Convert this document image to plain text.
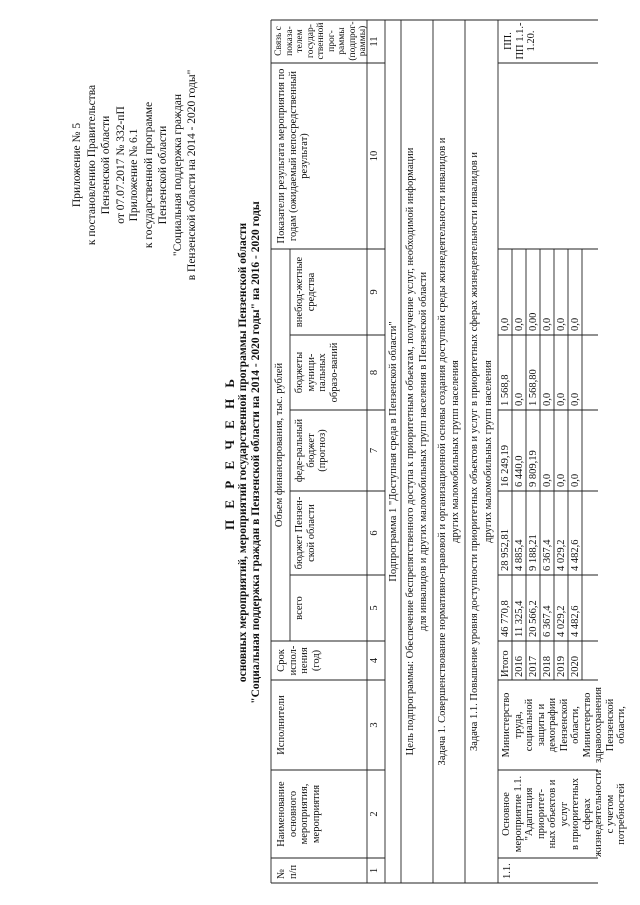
Приложение № 5 к постановлению Правительства Пензенской области от 07.07.2017 № 332-пП Приложение № 6.1 к государственной программе Пензенской области "Социальная поддержка граждан в Пензенской области на 2014 - 2020 годы"

П Е Р Е Ч Е Н Ь основных мероприятий, мероприятий государственной программы Пензенской области "Социальная поддержка граждан в Пензенской области на 2014 - 2020 годы" на 2016 - 2020 годы

№ п/п
Наименование основного мероприятия, мероприятия
Исполнители
Срок испол-нения (год)
Объем финансирования, тыс. рублей
всего
бюджет Пензен-ской области
феде-ральный бюджет (прогноз)
бюджеты муници-пальных образо-ваний
внебюд-жетные средства
Показатели результата мероприятия по годам (ожидаемый непосредственный результат)
Связь с показа-телем государ-ственной прог-раммы (подпрог-раммы)
1
2
3
4
5
6
7
8
9
10
11
Подпрограмма 1 "Доступная среда в Пензенской области" Цель подпрограммы: Обеспечение беспрепятственного доступа к приоритетным объектам, получение услуг, необходимой информации для инвалидов и других маломобильных групп населения в Пензенской области Задача 1. Совершенствование нормативно-правовой и организационной основы создания доступной среды жизнедеятельности инвалидов и других маломобильных групп населения Задача 1.1. Повышение уровня доступности приоритетных объектов и услуг в приоритетных сферах жизнедеятельности инвалидов и других маломобильных групп населения
1.1.
Основное мероприятие 1.1. "Адаптация приоритет- ных объектов и услуг в приоритетных сферах жизнедеятельности с учетом потребностей
Министерство труда, социальной защиты и демографии Пензенской области, Министерство здравоохранения Пензенской области,
ПП. ПП 1.1.- 1.20.
Итого
46 770,8
28 952,81
16 249,19
1 568,8
0,0
2016
11 325,4
4 885,4
6 440,0
0,0
0,0
2017
20 566,2
9 188,21
9 809,19
1 568,80
0,00
2018
6 367,4
6 367,4
0,0
0,0
0,0
2019
4 029,2
4 029,2
0,0
0,0
0,0
2020
4 482,6
4 482,6
0,0
0,0
0,0
